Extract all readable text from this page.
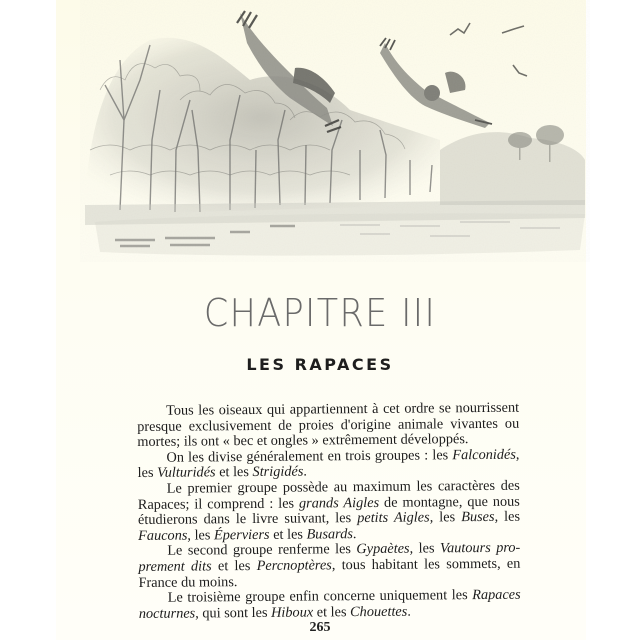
CHAPITRE III
LES RAPACES

Tous les oiseaux qui appartiennent à cet ordre se nourrissent presque exclusivement de proies d'origine animale vivantes ou mortes; ils ont « bec et ongles » extrêmement développés.

On les divise généralement en trois groupes : les Falconidés, les Vulturidés et les Strigidés.

Le premier groupe possède au maximum les caractères des Rapaces; il comprend : les grands Aigles de montagne, que nous étudierons dans le livre suivant, les petits Aigles, les Buses, les Faucons, les Éperviers et les Busards.

Le second groupe renferme les Gypaètes, les Vautours proprement dits et les Percnoptères, tous habitant les sommets, en France du moins.

Le troisième groupe enfin concerne uniquement les Rapaces nocturnes, qui sont les Hiboux et les Chouettes.

265
